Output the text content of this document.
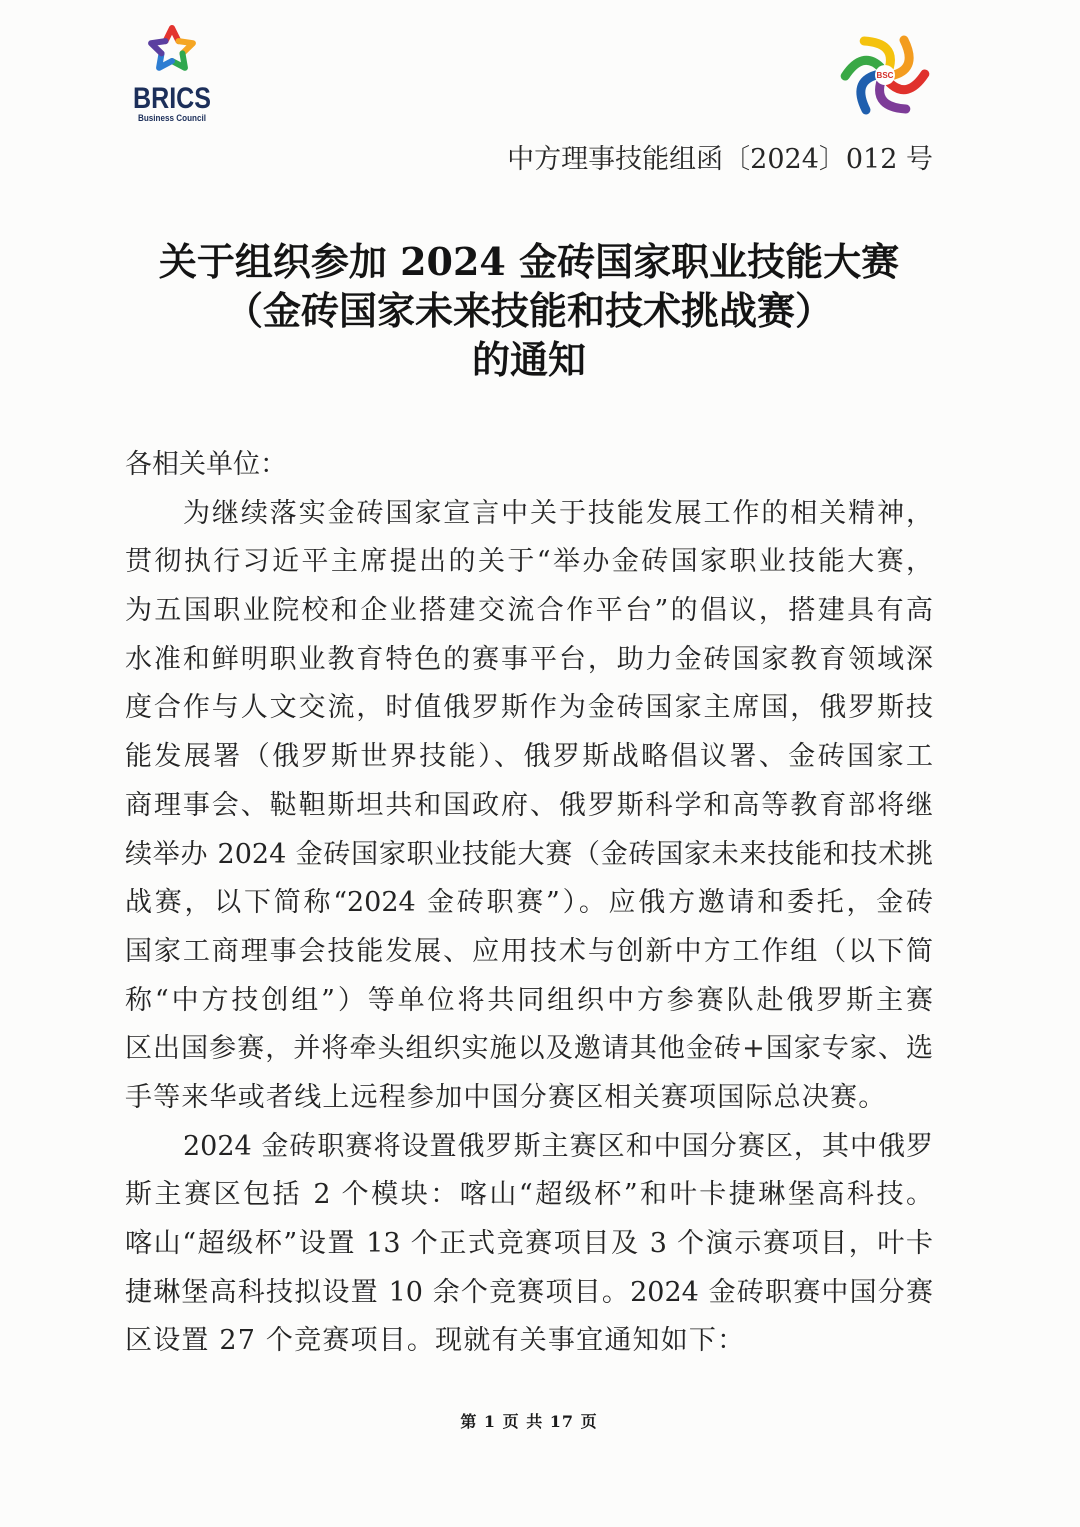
BRICS
Business Council
BSC
中方理事技能组函〔2024〕012 号
关于组织参加 2024 金砖国家职业技能大赛
（金砖国家未来技能和技术挑战赛）
的通知
各相关单位：
为继续落实金砖国家宣言中关于技能发展工作的相关精神，
贯彻执行习近平主席提出的关于“举办金砖国家职业技能大赛，
为五国职业院校和企业搭建交流合作平台”的倡议，搭建具有高
水准和鲜明职业教育特色的赛事平台，助力金砖国家教育领域深
度合作与人文交流，时值俄罗斯作为金砖国家主席国，俄罗斯技
能发展署（俄罗斯世界技能）、俄罗斯战略倡议署、金砖国家工
商理事会、鞑靼斯坦共和国政府、俄罗斯科学和高等教育部将继
续举办 2024 金砖国家职业技能大赛（金砖国家未来技能和技术挑
战赛，以下简称“2024 金砖职赛”）。应俄方邀请和委托，金砖
国家工商理事会技能发展、应用技术与创新中方工作组（以下简
称“中方技创组”）等单位将共同组织中方参赛队赴俄罗斯主赛
区出国参赛，并将牵头组织实施以及邀请其他金砖+国家专家、选
手等来华或者线上远程参加中国分赛区相关赛项国际总决赛。
2024 金砖职赛将设置俄罗斯主赛区和中国分赛区，其中俄罗
斯主赛区包括 2 个模块：喀山“超级杯”和叶卡捷琳堡高科技。
喀山“超级杯”设置 13 个正式竞赛项目及 3 个演示赛项目，叶卡
捷琳堡高科技拟设置 10 余个竞赛项目。2024 金砖职赛中国分赛
区设置 27 个竞赛项目。现就有关事宜通知如下：
第 1 页 共 17 页
